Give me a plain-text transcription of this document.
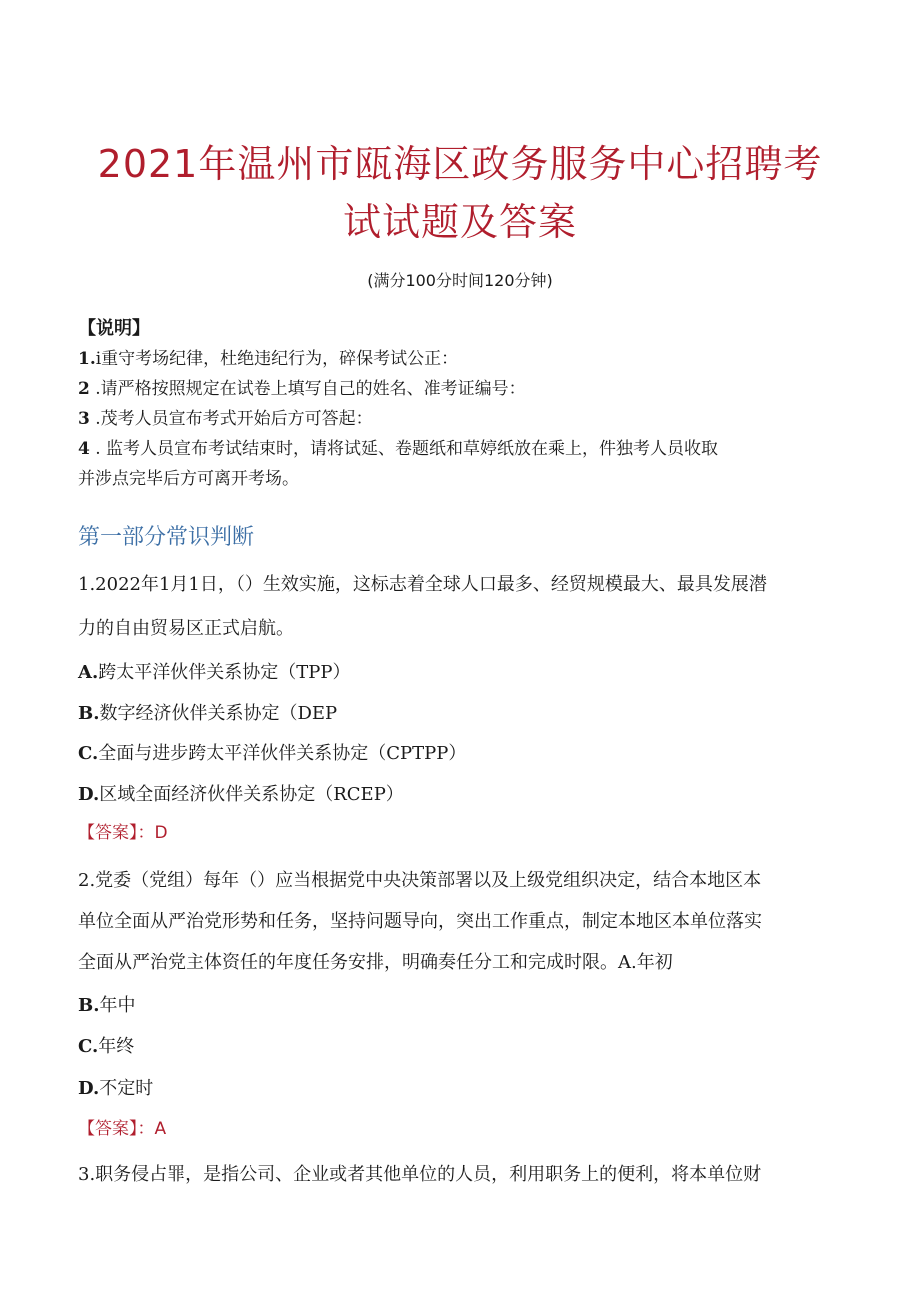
2021年温州市瓯海区政务服务中心招聘考
试试题及答案
(满分100分时间120分钟)
【说明】
1.i重守考场纪律，杜绝违纪行为，碎保考试公正：
2 .请严格按照规定在试卷上填写自己的姓名、准考证编号：
3 .茂考人员宣布考式开始后方可答起：
4 . 监考人员宣布考试结束时，请将试延、卷题纸和草婷纸放在乘上，件独考人员收取
并涉点完毕后方可离开考场。
第一部分常识判断
1.2022年1月1日，（）生效实施，这标志着全球人口最多、经贸规模最大、最具发展潜
力的自由贸易区正式启航。
A.跨太平洋伙伴关系协定（TPP）
B.数字经济伙伴关系协定（DEP
C.全面与进步跨太平洋伙伴关系协定（CPTPP）
D.区域全面经济伙伴关系协定（RCEP）
【答案】：D
2.党委（党组）每年（）应当根据党中央决策部署以及上级党组织决定，结合本地区本
单位全面从严治党形势和任务，坚持问题导向，突出工作重点，制定本地区本单位落实
全面从严治党主体资任的年度任务安排，明确奏任分工和完成时限。A.年初
B.年中
C.年终
D.不定时
【答案】：A
3.职务侵占罪，是指公司、企业或者其他单位的人员，利用职务上的便利，将本单位财
